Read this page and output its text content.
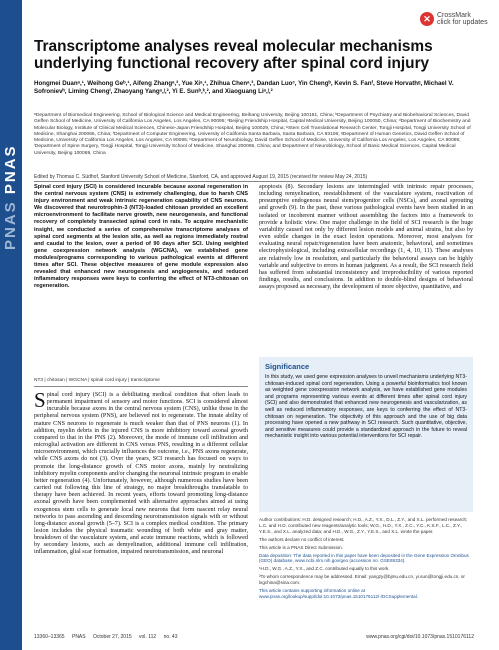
PNAS PNAS
✕ CrossMark
click for updates
Transcriptome analyses reveal molecular mechanisms underlying functional recovery after spinal cord injury
Hongmei Duanᵃ,¹, Weihong Geᵇ,¹, Aifeng Zhangᵃ,³, Yue Xiᵃ,¹, Zhihua Chenᵃ,³, Dandan Luoᶜ, Yin Chengᵇ, Kevin S. Fanᶠ, Steve Horvathᵍ, Michael V. Sofronievʰ, Liming Chengⁱ, Zhaoyang Yangᵃ,ʲ,², Yi E. Sunᵇ,ᵏ,², and Xiaoguang Liᵃ,ʲ,²
ᵃDepartment of Biomedical Engineering, School of Biological Science and Medical Engineering, Beihang University, Beijing 100191, China; ᵇDepartment of Psychiatry and Biobehavioral Sciences, David Geffen School of Medicine, University of California Los Angeles, Los Angeles, CA 90095; ᶜBeijing Friendship Hospital, Capital Medical University, Beijing 100050, China; ᵈDepartment of Biochemistry and Molecular Biology, Institute of Clinical Medical Sciences, Chinese-Japan Friendship Hospital, Beijing 100029, China; ᵉStem Cell Translational Research Center, Tongji Hospital, Tongji University School of Medicine, Shanghai 200065, China; ᶠDepartment of Computer Engineering, University of California Santa Barbara, Santa Barbara, CA 93106; ᵍDepartment of Human Genetics, David Geffen School of Medicine, University of California Los Angeles, Los Angeles, CA 90095; ʰDepartment of Neurobiology, David Geffen School of Medicine, University of California Los Angeles, Los Angeles, CA 90095; ⁱDepartment of Spine Surgery, Tongji Hospital, Tongji University School of Medicine, Shanghai 200065, China; and ʲDepartment of Neurobiology, School of Basic Medical Sciences, Capital Medical University, Beijing 100069, China
Edited by Thomas C. Südhof, Stanford University School of Medicine, Stanford, CA, and approved August 19, 2015 (received for review May 24, 2015)

Spinal cord injury (SCI) is considered incurable because axonal regeneration in the central nervous system (CNS) is extremely challenging, due to harsh CNS injury environment and weak intrinsic regeneration capability of CNS neurons. We discovered that neurotrophin-3 (NT3)-loaded chitosan provided an excellent microenvironment to facilitate nerve growth, new neurogenesis, and functional recovery of completely transected spinal cord in rats. To acquire mechanistic insight, we conducted a series of comprehensive transcriptome analyses of spinal cord segments at the lesion site, as well as regions immediately rostral and caudal to the lesion, over a period of 90 days after SCI. Using weighted gene coexpression network analysis (WGCNA), we established gene modules/programs corresponding to various pathological events at different times after SCI. These objective measures of gene module expression also revealed that enhanced new neurogenesis and angiogenesis, and reduced inflammatory responses were keys to conferring the effect of NT3-chitosan on regeneration.

NT3 | chitosan | WGCNA | spinal cord injury | transcriptome

Spinal cord injury (SCI) is a debilitating medical condition that often leads to permanent impairment of sensory and motor functions. SCI is considered almost incurable because axons in the central nervous system (CNS), unlike those in the peripheral nervous system (PNS), are believed not to regenerate. The innate ability of mature CNS neurons to regenerate is much weaker than that of PNS neurons (1). In addition, myelin debris in the injured CNS is more inhibitory toward axonal growth compared to that in the PNS (2). Moreover, the mode of immune cell infiltration and microglial activation are different in CNS versus PNS, resulting in a different cellular microenvironment, which crucially influences the outcome, i.e., PNS axons regenerate, while CNS axons do not (3). Over the years, SCI research has focused on ways to promote the long-distance growth of CNS motor axons, mainly by neutralizing inhibitory myelin components and/or changing the neuronal intrinsic program to enable better regeneration (4). Unfortunately, however, although numerous studies have been carried out following this line of strategy, no major breakthroughs translatable to therapy have been achieved. In recent years, efforts toward promoting long-distance axonal growth have been complemented with alternative approaches aimed at using exogenous stem cells to generate local new neurons that form nascent relay neural networks to pass ascending and descending neurotransmission signals with or without long-distance axonal growth (5–7). SCI is a complex medical condition. The primary lesion includes the physical traumatic wounding of both white and gray matter, breakdown of the vasculature system, and acute immune reactions, which is followed by secondary lesions, such as demyelination, additional immune cell infiltration, inflammation, glial scar formation, impaired neurotransmission, and neuronal

apoptosis (8). Secondary lesions are intermingled with intrinsic repair processes, including remyelination, reestablishment of the vasculature system, reactivation of presumptive endogenous neural stem/progenitor cells (NSCs), and axonal sprouting and growth (9). In the past, these various pathological events have been studied in an isolated or incoherent manner without assembling the factors into a framework to provide a holistic view. One major challenge in the field of SCI research is the huge variability caused not only by different lesion models and animal strains, but also by even subtle changes in the exact lesion operations. Moreover, most analyses for evaluating neural repair/regeneration have been anatomic, behavioral, and sometimes electrophysiological, including extracellular recordings (1, 4, 10, 11). These analyses are relatively low in resolution, and particularly the behavioral assays can be highly variable and subjective to errors in human judgment. As a result, the SCI research field has suffered from substantial inconsistency and irreproducibility of various reported findings, results, and conclusions. In addition to double-blind designs of behavioral assays proposed as necessary, the development of more objective, quantitative, and

Significance

In this study, we used gene expression analyses to unveil mechanisms underlying NT3-chitosan-induced spinal cord regeneration. Using a powerful bioinformatics tool known as weighted gene coexpression network analysis, we have established gene modules and programs representing various events at different times after spinal cord injury (SCI) and also demonstrated that enhanced new neurogenesis and vascularization, as well as reduced inflammatory responses, are keys to conferring the effect of NT3-chitosan on regeneration. The objectivity of this approach and the use of big data processing have opened a new pathway in SCI research. Such quantitative, objective, and sensitive measures could provide a standardized approach in the future to reveal mechanistic insight into various potential interventions for SCI repair.

Author contributions: H.D. designed research; H.D., A.Z., Y.X., D.L., Z.Y., and X.L. performed research; L.C. and H.D. contributed new reagents/analytic tools; W.G., H.D., Y.X., Z.C., Y.C., K.S.F., L.C., Z.Y., Y.E.S., and X.L. analyzed data; and H.D., W.G., Z.Y., Y.E.S., and X.L. wrote the paper.

The authors declare no conflict of interest.

This article is a PNAS Direct Submission.

Data deposition: The data reported in this paper have been deposited in the Gene Expression Omnibus (GEO) database, www.ncbi.nlm.nih.gov/geo (accession no. GSE69334).

¹H.D., W.G., A.Z., Y.X., and Z.C. contributed equally to this work.

²To whom correspondence may be addressed. Email: yangzy@bjmu.edu.cn, yi.sun@tongji.edu.cn, or lxgchina@sina.com.

This article contains supporting information online at www.pnas.org/lookup/suppl/doi:10.1073/pnas.1510176112/-/DCSupplemental.

13360–13365 PNAS October 27, 2015 vol. 112 no. 43	www.pnas.org/cgi/doi/10.1073/pnas.1510176112
